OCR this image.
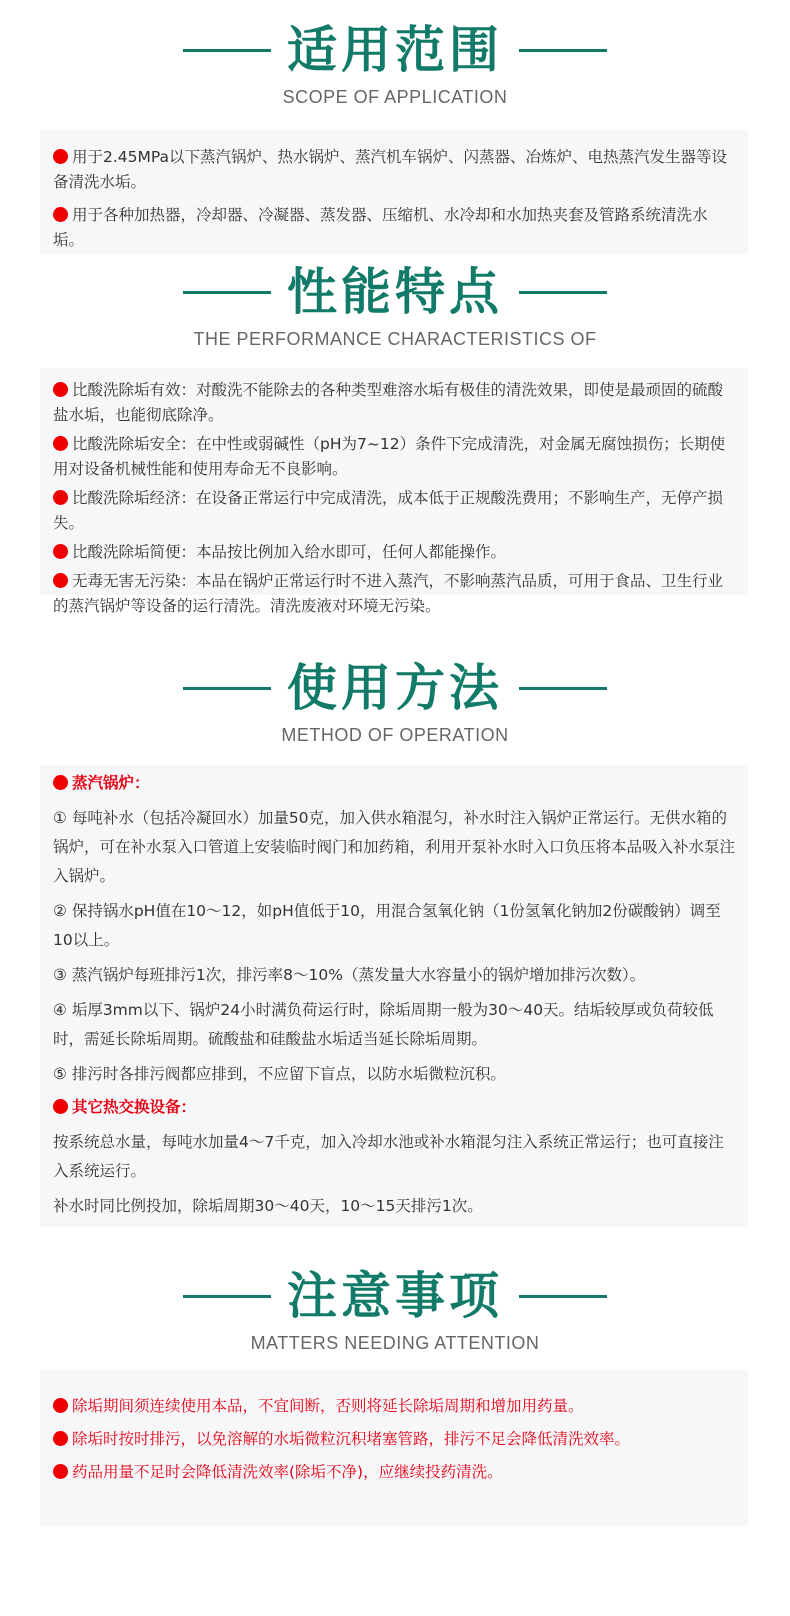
适用范围
SCOPE OF APPLICATION
用于2.45MPa以下蒸汽锅炉、热水锅炉、蒸汽机车锅炉、闪蒸器、冶炼炉、电热蒸汽发生器等设备清洗水垢。
用于各种加热器，冷却器、冷凝器、蒸发器、压缩机、水冷却和水加热夹套及管路系统清洗水垢。
性能特点
THE PERFORMANCE CHARACTERISTICS OF
比酸洗除垢有效：对酸洗不能除去的各种类型难溶水垢有极佳的清洗效果，即使是最顽固的硫酸盐水垢，也能彻底除净。
比酸洗除垢安全：在中性或弱碱性（pH为7~12）条件下完成清洗，对金属无腐蚀损伤；长期使用对设备机械性能和使用寿命无不良影响。
比酸洗除垢经济：在设备正常运行中完成清洗，成本低于正规酸洗费用；不影响生产，无停产损失。
比酸洗除垢简便：本品按比例加入给水即可，任何人都能操作。
无毒无害无污染：本品在锅炉正常运行时不进入蒸汽，不影响蒸汽品质，可用于食品、卫生行业的蒸汽锅炉等设备的运行清洗。清洗废液对环境无污染。
使用方法
METHOD OF OPERATION
蒸汽锅炉：
① 每吨补水（包括冷凝回水）加量50克，加入供水箱混匀，补水时注入锅炉正常运行。无供水箱的锅炉，可在补水泵入口管道上安装临时阀门和加药箱，利用开泵补水时入口负压将本品吸入补水泵注入锅炉。
② 保持锅水pH值在10～12，如pH值低于10，用混合氢氧化钠（1份氢氧化钠加2份碳酸钠）调至10以上。
③ 蒸汽锅炉每班排污1次，排污率8～10%（蒸发量大水容量小的锅炉增加排污次数）。
④ 垢厚3mm以下、锅炉24小时满负荷运行时，除垢周期一般为30～40天。结垢较厚或负荷较低时，需延长除垢周期。硫酸盐和硅酸盐水垢适当延长除垢周期。
⑤ 排污时各排污阀都应排到，不应留下盲点，以防水垢微粒沉积。
其它热交换设备：
按系统总水量，每吨水加量4～7千克，加入冷却水池或补水箱混匀注入系统正常运行；也可直接注入系统运行。
补水时同比例投加，除垢周期30～40天，10～15天排污1次。
注意事项
MATTERS NEEDING ATTENTION
除垢期间须连续使用本品，不宜间断，否则将延长除垢周期和增加用药量。
除垢时按时排污，以免溶解的水垢微粒沉积堵塞管路，排污不足会降低清洗效率。
药品用量不足时会降低清洗效率(除垢不净)，应继续投药清洗。
